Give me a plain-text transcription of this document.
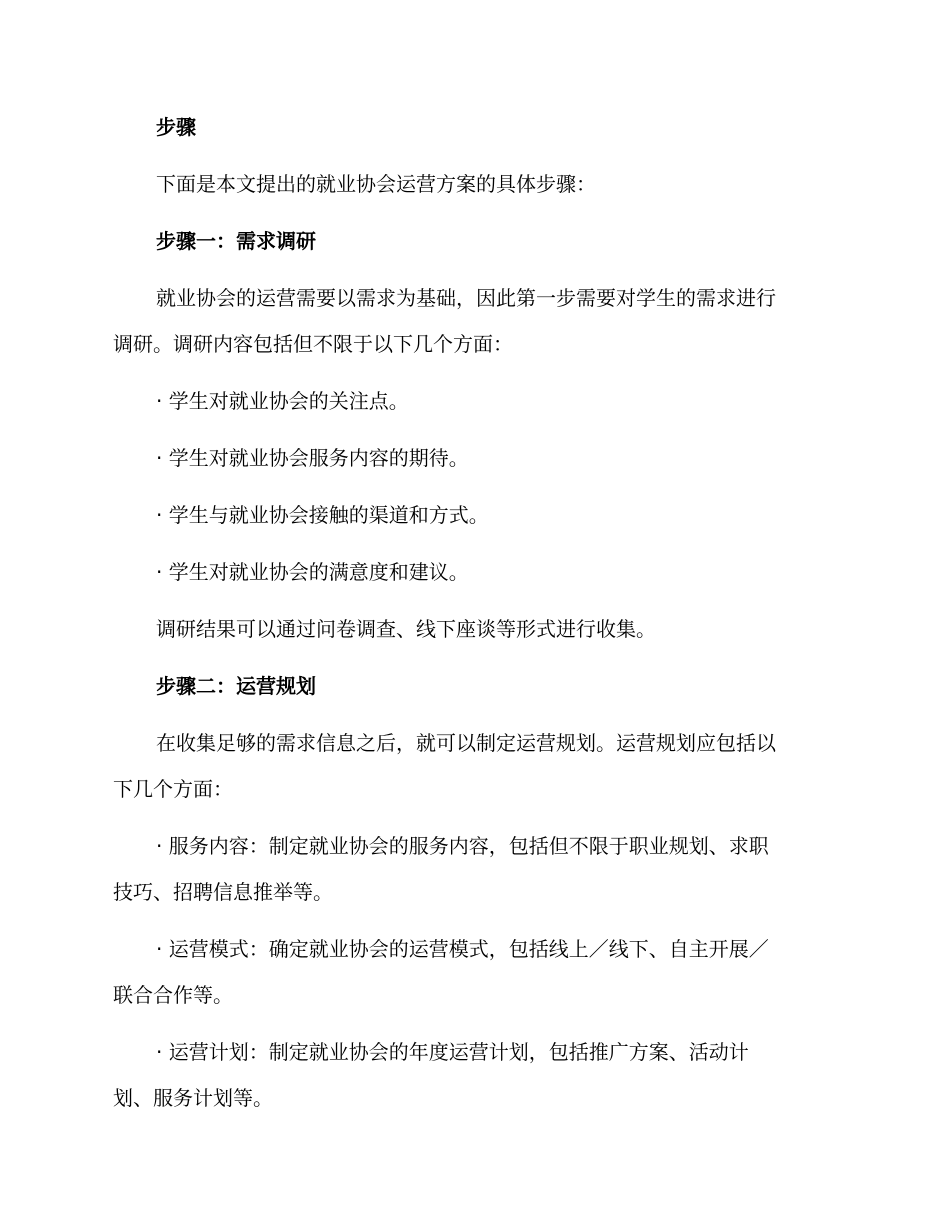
步骤

下面是本文提出的就业协会运营方案的具体步骤：

步骤一：需求调研

就业协会的运营需要以需求为基础，因此第一步需要对学生的需求进行

调研。调研内容包括但不限于以下几个方面：

· 学生对就业协会的关注点。

· 学生对就业协会服务内容的期待。

· 学生与就业协会接触的渠道和方式。

· 学生对就业协会的满意度和建议。

调研结果可以通过问卷调查、线下座谈等形式进行收集。

步骤二：运营规划

在收集足够的需求信息之后，就可以制定运营规划。运营规划应包括以

下几个方面：

· 服务内容：制定就业协会的服务内容，包括但不限于职业规划、求职

技巧、招聘信息推举等。

· 运营模式：确定就业协会的运营模式，包括线上／线下、自主开展／

联合合作等。

· 运营计划：制定就业协会的年度运营计划，包括推广方案、活动计

划、服务计划等。
